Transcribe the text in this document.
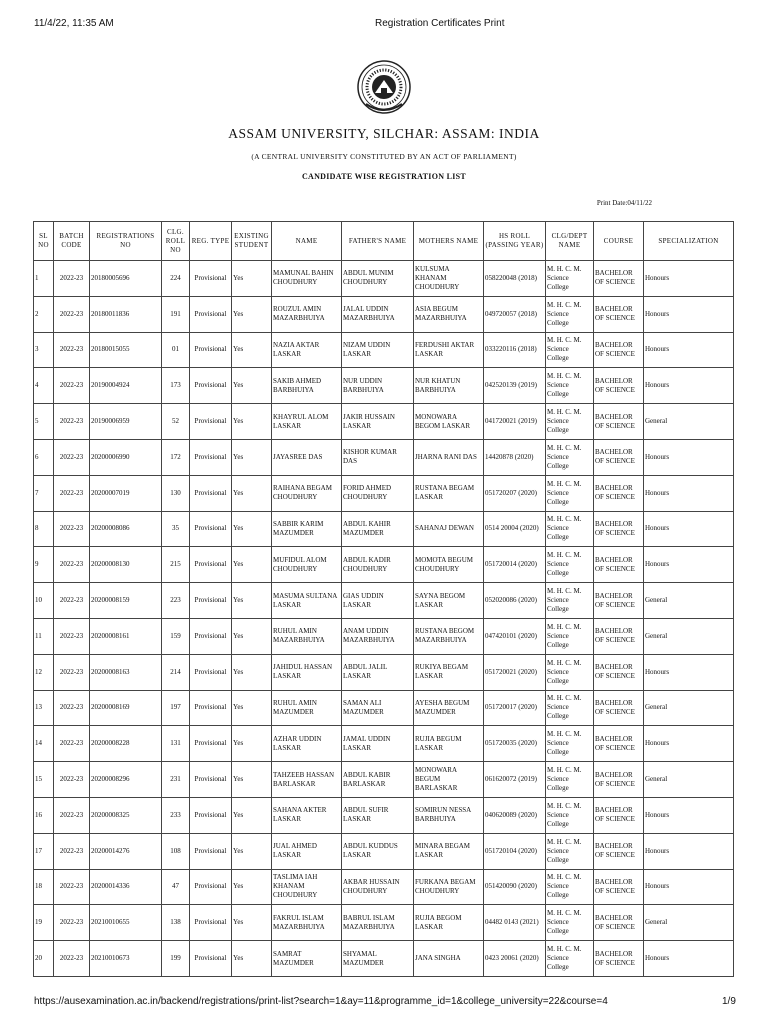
11/4/22, 11:35 AM	Registration Certificates Print
ASSAM UNIVERSITY, SILCHAR: ASSAM: INDIA
(A CENTRAL UNIVERSITY CONSTITUTED BY AN ACT OF PARLIAMENT)
CANDIDATE WISE REGISTRATION LIST
Print Date:04/11/22
SL NO	BATCH CODE	REGISTRATIONS NO	CLG. ROLL NO	REG. TYPE	EXISTING STUDENT	NAME	FATHER'S NAME	MOTHERS NAME	HS ROLL (PASSING YEAR)	CLG/DEPT NAME	COURSE	SPECIALIZATION
1	2022-23	20180005696	224	Provisional	Yes	MAMUNAL BAHIN CHOUDHURY	ABDUL MUNIM CHOUDHURY	KULSUMA KHANAM CHOUDHURY	058220048 (2018)	M. H. C. M. Science College	BACHELOR OF SCIENCE	Honours
2	2022-23	20180011836	191	Provisional	Yes	ROUZUL AMIN MAZARBHUIYA	JALAL UDDIN MAZARBHUIYA	ASIA BEGUM MAZARBHUIYA	049720057 (2018)	M. H. C. M. Science College	BACHELOR OF SCIENCE	Honours
3	2022-23	20180015055	01	Provisional	Yes	NAZIA AKTAR LASKAR	NIZAM UDDIN LASKAR	FERDUSHI AKTAR LASKAR	033220116 (2018)	M. H. C. M. Science College	BACHELOR OF SCIENCE	Honours
4	2022-23	20190004924	173	Provisional	Yes	SAKIB AHMED BARBHUIYA	NUR UDDIN BARBHUIYA	NUR KHATUN BARBHUIYA	042520139 (2019)	M. H. C. M. Science College	BACHELOR OF SCIENCE	Honours
5	2022-23	20190006959	52	Provisional	Yes	KHAYRUL ALOM LASKAR	JAKIR HUSSAIN LASKAR	MONOWARA BEGOM LASKAR	041720021 (2019)	M. H. C. M. Science College	BACHELOR OF SCIENCE	General
6	2022-23	20200006990	172	Provisional	Yes	JAYASREE DAS	KISHOR KUMAR DAS	JHARNA RANI DAS	14420878 (2020)	M. H. C. M. Science College	BACHELOR OF SCIENCE	Honours
7	2022-23	20200007019	130	Provisional	Yes	RAIHANA BEGAM CHOUDHURY	FORID AHMED CHOUDHURY	RUSTANA BEGAM LASKAR	051720207 (2020)	M. H. C. M. Science College	BACHELOR OF SCIENCE	Honours
8	2022-23	20200008086	35	Provisional	Yes	SABBIR KARIM MAZUMDER	ABDUL KAHIR MAZUMDER	SAHANAJ DEWAN	0514 20004 (2020)	M. H. C. M. Science College	BACHELOR OF SCIENCE	Honours
9	2022-23	20200008130	215	Provisional	Yes	MUFIDUL ALOM CHOUDHURY	ABDUL KADIR CHOUDHURY	MOMOTA BEGUM CHOUDHURY	051720014 (2020)	M. H. C. M. Science College	BACHELOR OF SCIENCE	Honours
10	2022-23	20200008159	223	Provisional	Yes	MASUMA SULTANA LASKAR	GIAS UDDIN LASKAR	SAYNA BEGOM LASKAR	052020086 (2020)	M. H. C. M. Science College	BACHELOR OF SCIENCE	General
11	2022-23	20200008161	159	Provisional	Yes	RUHUL AMIN MAZARBHUIYA	ANAM UDDIN MAZARBHUIYA	RUSTANA BEGOM MAZARBHUIYA	047420101 (2020)	M. H. C. M. Science College	BACHELOR OF SCIENCE	General
12	2022-23	20200008163	214	Provisional	Yes	JAHIDUL HASSAN LASKAR	ABDUL JALIL LASKAR	RUKIYA BEGAM LASKAR	051720021 (2020)	M. H. C. M. Science College	BACHELOR OF SCIENCE	Honours
13	2022-23	20200008169	197	Provisional	Yes	RUHUL AMIN MAZUMDER	SAMAN ALI MAZUMDER	AYESHA BEGUM MAZUMDER	051720017 (2020)	M. H. C. M. Science College	BACHELOR OF SCIENCE	General
14	2022-23	20200008228	131	Provisional	Yes	AZHAR UDDIN LASKAR	JAMAL UDDIN LASKAR	RUJIA BEGUM LASKAR	051720035 (2020)	M. H. C. M. Science College	BACHELOR OF SCIENCE	Honours
15	2022-23	20200008296	231	Provisional	Yes	TAHZEEB HASSAN BARLASKAR	ABDUL KABIR BARLASKAR	MONOWARA BEGUM BARLASKAR	061620072 (2019)	M. H. C. M. Science College	BACHELOR OF SCIENCE	General
16	2022-23	20200008325	233	Provisional	Yes	SAHANA AKTER LASKAR	ABDUL SUFIR LASKAR	SOMIRUN NESSA BARBHUIYA	040620089 (2020)	M. H. C. M. Science College	BACHELOR OF SCIENCE	Honours
17	2022-23	20200014276	108	Provisional	Yes	JUAL AHMED LASKAR	ABDUL KUDDUS LASKAR	MINARA BEGAM LASKAR	051720104 (2020)	M. H. C. M. Science College	BACHELOR OF SCIENCE	Honours
18	2022-23	20200014336	47	Provisional	Yes	TASLIMA IAH KHANAM CHOUDHURY	AKBAR HUSSAIN CHOUDHURY	FURKANA BEGAM CHOUDHURY	051420090 (2020)	M. H. C. M. Science College	BACHELOR OF SCIENCE	Honours
19	2022-23	20210010655	138	Provisional	Yes	FAKRUL ISLAM MAZARBHUIYA	BABRUL ISLAM MAZARBHUIYA	RUJIA BEGOM LASKAR	04482 0143 (2021)	M. H. C. M. Science College	BACHELOR OF SCIENCE	General
20	2022-23	20210010673	199	Provisional	Yes	SAMRAT MAZUMDER	SHYAMAL MAZUMDER	JANA SINGHA	0423 20061 (2020)	M. H. C. M. Science College	BACHELOR OF SCIENCE	Honours
https://ausexamination.ac.in/backend/registrations/print-list?search=1&ay=11&programme_id=1&college_university=22&course=4	1/9
